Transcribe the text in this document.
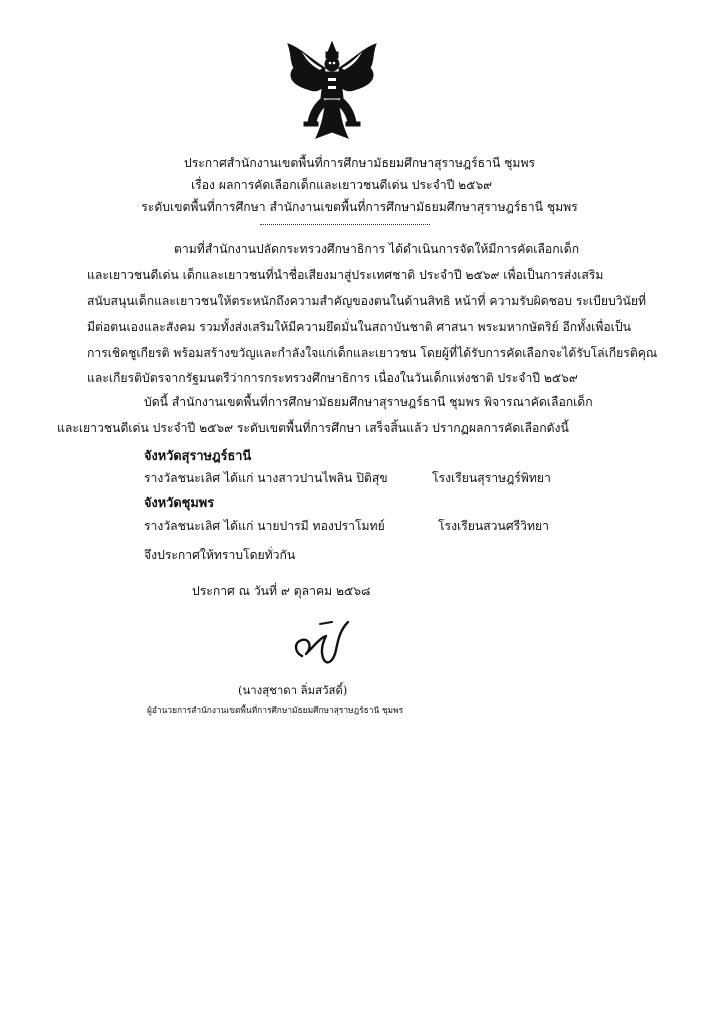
ประกาศสำนักงานเขตพื้นที่การศึกษามัธยมศึกษาสุราษฎร์ธานี ชุมพร
เรื่อง ผลการคัดเลือกเด็กและเยาวชนดีเด่น ประจำปี ๒๕๖๙
ระดับเขตพื้นที่การศึกษา สำนักงานเขตพื้นที่การศึกษามัธยมศึกษาสุราษฎร์ธานี ชุมพร
ตามที่สำนักงานปลัดกระทรวงศึกษาธิการ ได้ดำเนินการจัดให้มีการคัดเลือกเด็ก
และเยาวชนดีเด่น เด็กและเยาวชนที่นำชื่อเสียงมาสู่ประเทศชาติ ประจำปี ๒๕๖๙ เพื่อเป็นการส่งเสริม
สนับสนุนเด็กและเยาวชนให้ตระหนักถึงความสำคัญของตนในด้านสิทธิ หน้าที่ ความรับผิดชอบ ระเบียบวินัยที่
มีต่อตนเองและสังคม รวมทั้งส่งเสริมให้มีความยึดมั่นในสถาบันชาติ ศาสนา พระมหากษัตริย์ อีกทั้งเพื่อเป็น
การเชิดชูเกียรติ พร้อมสร้างขวัญและกำลังใจแก่เด็กและเยาวชน โดยผู้ที่ได้รับการคัดเลือกจะได้รับโล่เกียรติคุณ
และเกียรติบัตรจากรัฐมนตรีว่าการกระทรวงศึกษาธิการ เนื่องในวันเด็กแห่งชาติ ประจำปี ๒๕๖๙
บัดนี้ สำนักงานเขตพื้นที่การศึกษามัธยมศึกษาสุราษฎร์ธานี ชุมพร พิจารณาคัดเลือกเด็ก
และเยาวชนดีเด่น ประจำปี ๒๕๖๙ ระดับเขตพื้นที่การศึกษา เสร็จสิ้นแล้ว ปรากฏผลการคัดเลือกดังนี้
จังหวัดสุราษฎร์ธานี
รางวัลชนะเลิศ ได้แก่ นางสาวปานไพลิน ปิติสุข	โรงเรียนสุราษฎร์พิทยา
จังหวัดชุมพร
รางวัลชนะเลิศ ได้แก่ นายปารมี ทองปราโมทย์	โรงเรียนสวนศรีวิทยา
จึงประกาศให้ทราบโดยทั่วกัน
ประกาศ ณ วันที่ ๙ ตุลาคม ๒๕๖๘
(นางสุชาดา ลิ่มสวัสดิ์)
ผู้อำนวยการสำนักงานเขตพื้นที่การศึกษามัธยมศึกษาสุราษฎร์ธานี ชุมพร
